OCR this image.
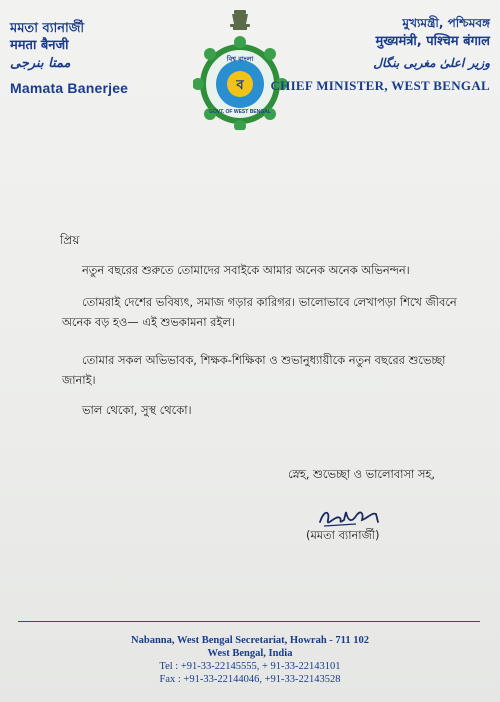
মমতা ব্যানার্জী
ममता बैनजी
ممتا بنرجی
Mamata Banerjee	ব
বিশ্ব বাংলা
GOVT. OF WEST BENGAL
মুখ্যমন্ত্রী, পশ্চিমবঙ্গ
मुख्यमंत्री, पश्चिम बंगाल
وزیر اعلیٰ مغربی بنگال
CHIEF MINISTER, WEST BENGAL
প্রিয়
নতুন বছরের শুরুতে তোমাদের সবাইকে আমার অনেক অনেক অভিনন্দন।
তোমরাই দেশের ভবিষ্যৎ, সমাজ গড়ার কারিগর। ভালোভাবে লেখাপড়া শিখে জীবনে অনেক বড় হও— এই শুভকামনা রইল।
তোমার সকল অভিভাবক, শিক্ষক-শিক্ষিকা ও শুভানুধ্যায়ীকে নতুন বছরের শুভেচ্ছা জানাই।
ভাল থেকো, সুস্থ থেকো।
স্নেহ, শুভেচ্ছা ও ভালোবাসা সহ,
(মমতা ব্যানার্জী)
Nabanna, West Bengal Secretariat, Howrah - 711 102
West Bengal, India
Tel : +91-33-22145555, + 91-33-22143101
Fax : +91-33-22144046, +91-33-22143528
